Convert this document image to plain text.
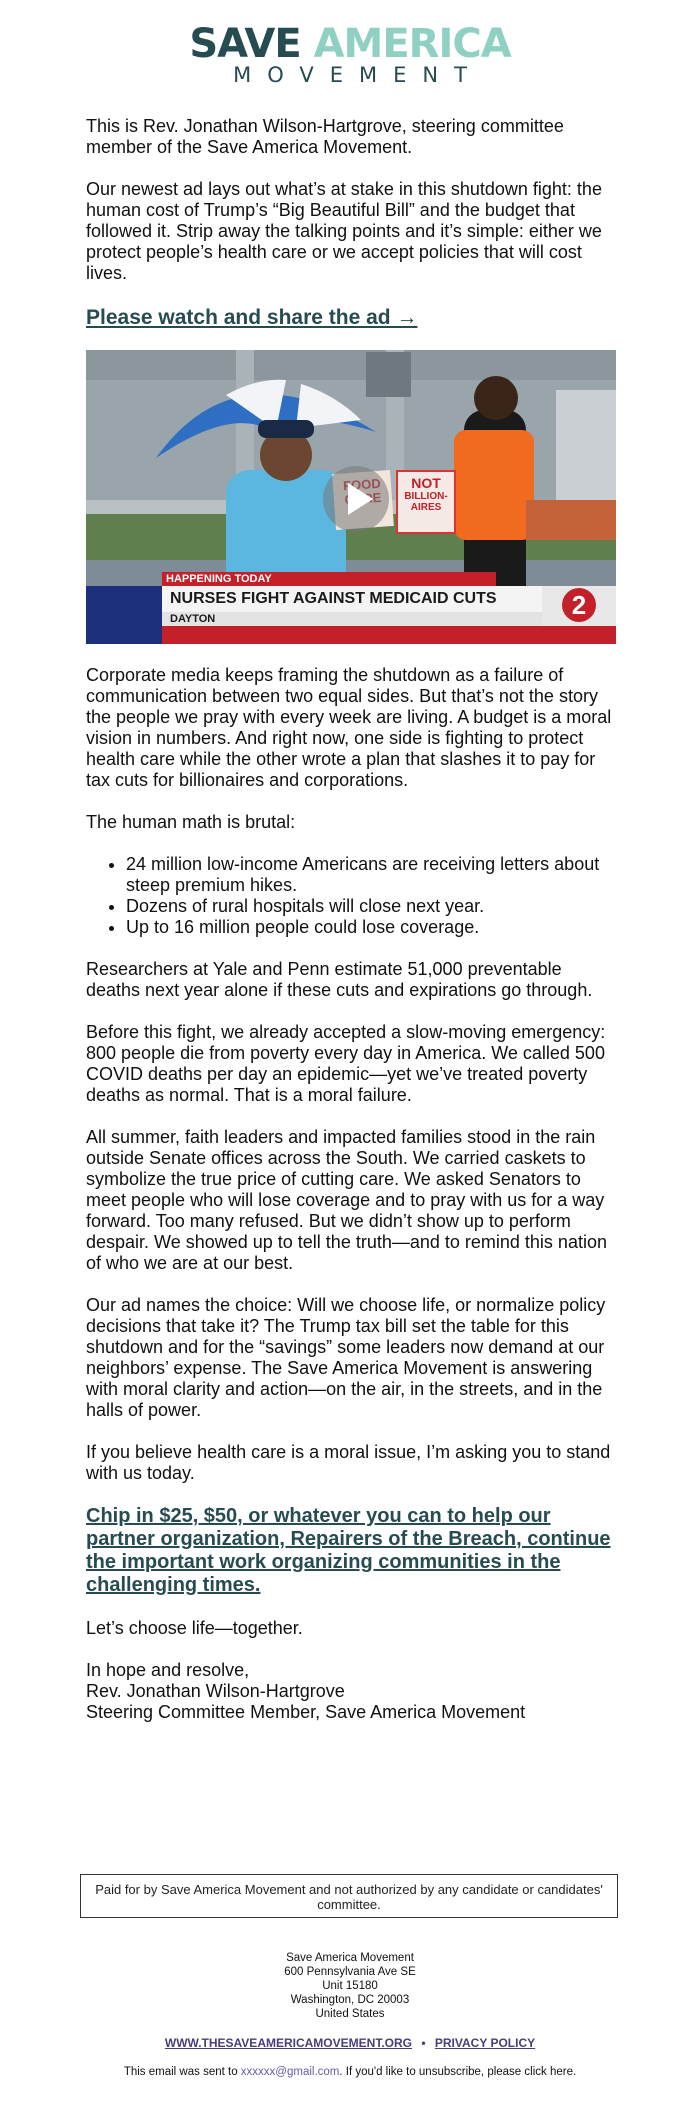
SAVE AMERICA
MOVEMENT

This is Rev. Jonathan Wilson-Hartgrove, steering committee member of the Save America Movement.

Our newest ad lays out what’s at stake in this shutdown fight: the human cost of Trump’s “Big Beautiful Bill” and the budget that followed it. Strip away the talking points and it’s simple: either we protect people’s health care or we accept policies that will cost lives.

Please watch and share the ad →
NOT
BILLION-
AIRES
HAPPENING TODAY
NURSES FIGHT AGAINST MEDICAID CUTS
DAYTON	2

Corporate media keeps framing the shutdown as a failure of communication between two equal sides. But that’s not the story the people we pray with every week are living. A budget is a moral vision in numbers. And right now, one side is fighting to protect health care while the other wrote a plan that slashes it to pay for tax cuts for billionaires and corporations.

The human math is brutal:

• 24 million low-income Americans are receiving letters about steep premium hikes.
• Dozens of rural hospitals will close next year.
• Up to 16 million people could lose coverage.

Researchers at Yale and Penn estimate 51,000 preventable deaths next year alone if these cuts and expirations go through.

Before this fight, we already accepted a slow-moving emergency: 800 people die from poverty every day in America. We called 500 COVID deaths per day an epidemic—yet we’ve treated poverty deaths as normal. That is a moral failure.

All summer, faith leaders and impacted families stood in the rain outside Senate offices across the South. We carried caskets to symbolize the true price of cutting care. We asked Senators to meet people who will lose coverage and to pray with us for a way forward. Too many refused. But we didn’t show up to perform despair. We showed up to tell the truth—and to remind this nation of who we are at our best.

Our ad names the choice: Will we choose life, or normalize policy decisions that take it? The Trump tax bill set the table for this shutdown and for the “savings” some leaders now demand at our neighbors’ expense. The Save America Movement is answering with moral clarity and action—on the air, in the streets, and in the halls of power.

If you believe health care is a moral issue, I’m asking you to stand with us today.

Chip in $25, $50, or whatever you can to help our partner organization, Repairers of the Breach, continue the important work organizing communities in the challenging times.

Let’s choose life—together.

In hope and resolve,
Rev. Jonathan Wilson-Hartgrove
Steering Committee Member, Save America Movement
Paid for by Save America Movement and not authorized by any candidate or candidates' committee.
Save America Movement
600 Pennsylvania Ave SE
Unit 15180
Washington, DC 20003
United States
WWW.THESAVEAMERICAMOVEMENT.ORG • PRIVACY POLICY
This email was sent to xxxxxx@gmail.com. If you'd like to unsubscribe, please click here.
